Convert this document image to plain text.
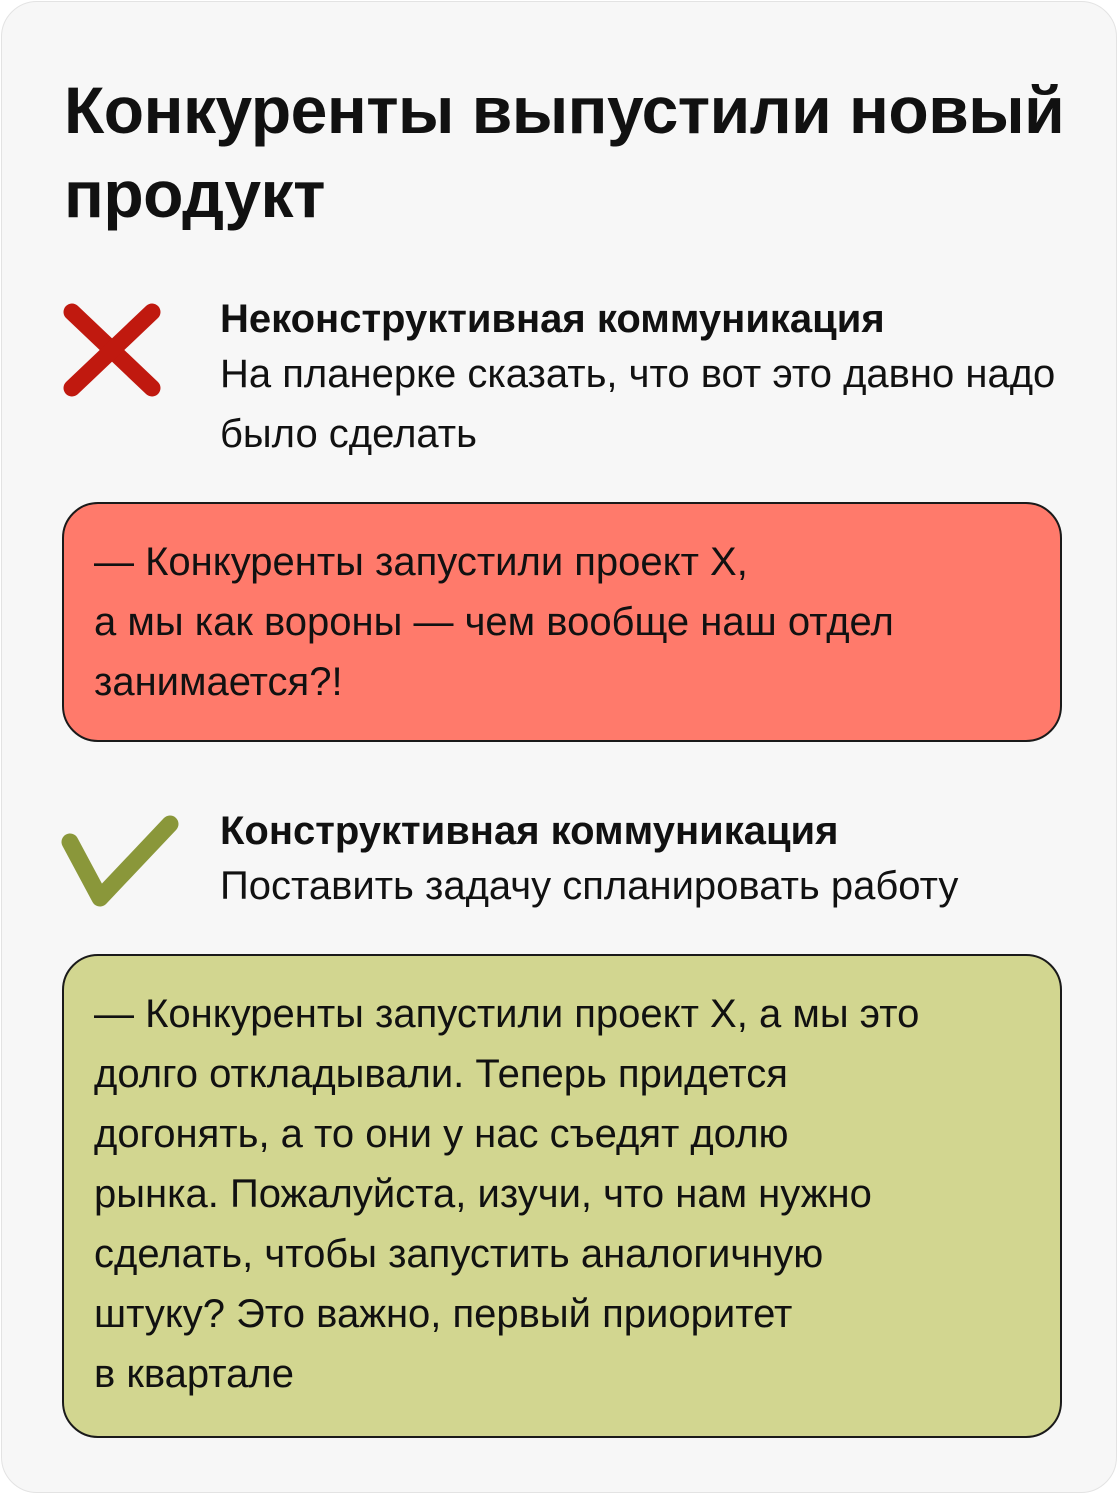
Конкуренты выпустили новый продукт
Неконструктивная коммуникация
На планерке сказать, что вот это давно надо было сделать
— Конкуренты запустили проект Х,
а мы как вороны — чем вообще наш отдел
занимается?!
Конструктивная коммуникация
Поставить задачу спланировать работу
— Конкуренты запустили проект Х, а мы это
долго откладывали. Теперь придется
догонять, а то они у нас съедят долю
рынка. Пожалуйста, изучи, что нам нужно
сделать, чтобы запустить аналогичную
штуку? Это важно, первый приоритет
в квартале
